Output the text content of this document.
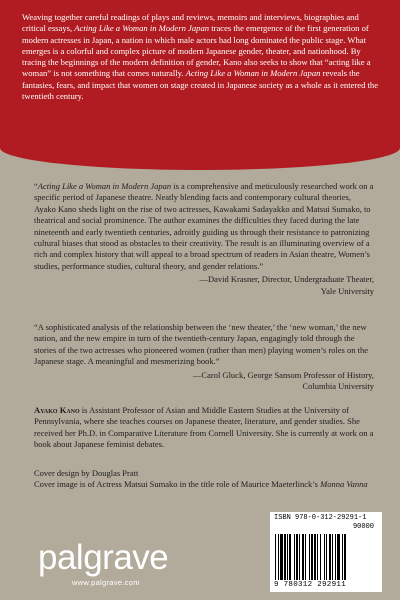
Weaving together careful readings of plays and reviews, memoirs and interviews, biographies and critical essays, Acting Like a Woman in Modern Japan traces the emergence of the first generation of modern actresses in Japan, a nation in which male actors had long dominated the public stage. What emerges is a colorful and complex picture of modern Japanese gender, theater, and nationhood. By tracing the beginnings of the modern definition of gender, Kano also seeks to show that “acting like a woman” is not something that comes naturally. Acting Like a Woman in Modern Japan reveals the fantasies, fears, and impact that women on stage created in Japanese society as a whole as it entered the twentieth century.

“Acting Like a Woman in Modern Japan is a comprehensive and meticulously researched work on a specific period of Japanese theatre. Neatly blending facts and contemporary cultural theories, Ayako Kano sheds light on the rise of two actresses, Kawakami Sadayakko and Matsui Sumako, to theatrical and social prominence. The author examines the difficulties they faced during the late nineteenth and early twentieth centuries, adroitly guiding us through their resistance to patronizing cultural biases that stood as obstacles to their creativity. The result is an illuminating overview of a rich and complex history that will appeal to a broad spectrum of readers in Asian theatre, Women’s studies, performance studies, cultural theory, and gender relations.”
—David Krasner, Director, Undergraduate Theater,
Yale University
“A sophisticated analysis of the relationship between the ‘new theater,’ the ‘new woman,’ the new nation, and the new empire in turn of the twentieth-century Japan, engagingly told through the stories of the two actresses who pioneered women (rather than men) playing women’s roles on the Japanese stage. A meaningful and mesmerizing book.”
—Carol Gluck, George Sansom Professor of History,
Columbia University
Ayako Kano is Assistant Professor of Asian and Middle Eastern Studies at the University of Pennsylvania, where she teaches courses on Japanese theater, literature, and gender studies. She received her Ph.D. in Comparative Literature from Cornell University. She is currently at work on a book about Japanese feminist debates.
Cover design by Douglas Pratt
Cover image is of Actress Matsui Sumako in the title role of Maurice Maeterlinck’s Monna Vanna
ISBN 978-0-312-29291-1
90000
9 780312 292911
palgrave
www.palgrave.com
